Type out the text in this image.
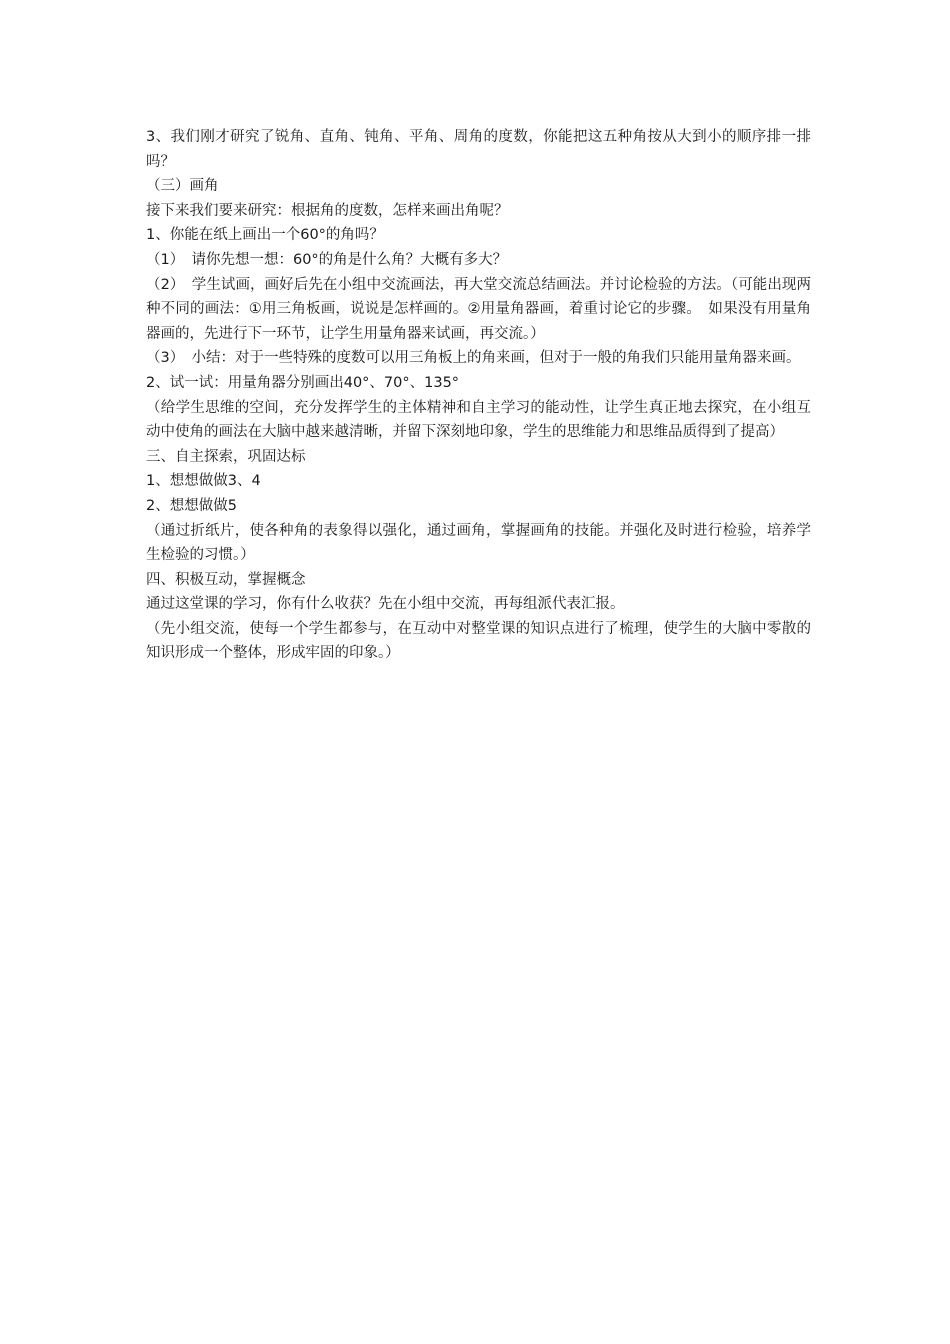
3、我们刚才研究了锐角、直角、钝角、平角、周角的度数，你能把这五种角按从大到小的顺序排一排吗？

（三）画角

接下来我们要来研究：根据角的度数，怎样来画出角呢？

1、你能在纸上画出一个60°的角吗？

（1）　请你先想一想：60°的角是什么角？大概有多大？

（2）　学生试画，画好后先在小组中交流画法，再大堂交流总结画法。并讨论检验的方法。（可能出现两种不同的画法：①用三角板画，说说是怎样画的。②用量角器画，着重讨论它的步骤。　如果没有用量角器画的，先进行下一环节，让学生用量角器来试画，再交流。）

（3）　小结：对于一些特殊的度数可以用三角板上的角来画，但对于一般的角我们只能用量角器来画。

2、试一试：用量角器分别画出40°、70°、135°

（给学生思维的空间，充分发挥学生的主体精神和自主学习的能动性，让学生真正地去探究，在小组互动中使角的画法在大脑中越来越清晰，并留下深刻地印象，学生的思维能力和思维品质得到了提高）

三、自主探索，巩固达标

1、想想做做3、4

2、想想做做5

（通过折纸片，使各种角的表象得以强化，通过画角，掌握画角的技能。并强化及时进行检验，培养学生检验的习惯。）

四、积极互动，掌握概念

通过这堂课的学习，你有什么收获？先在小组中交流，再每组派代表汇报。

（先小组交流，使每一个学生都参与，在互动中对整堂课的知识点进行了梳理，使学生的大脑中零散的知识形成一个整体，形成牢固的印象。）
